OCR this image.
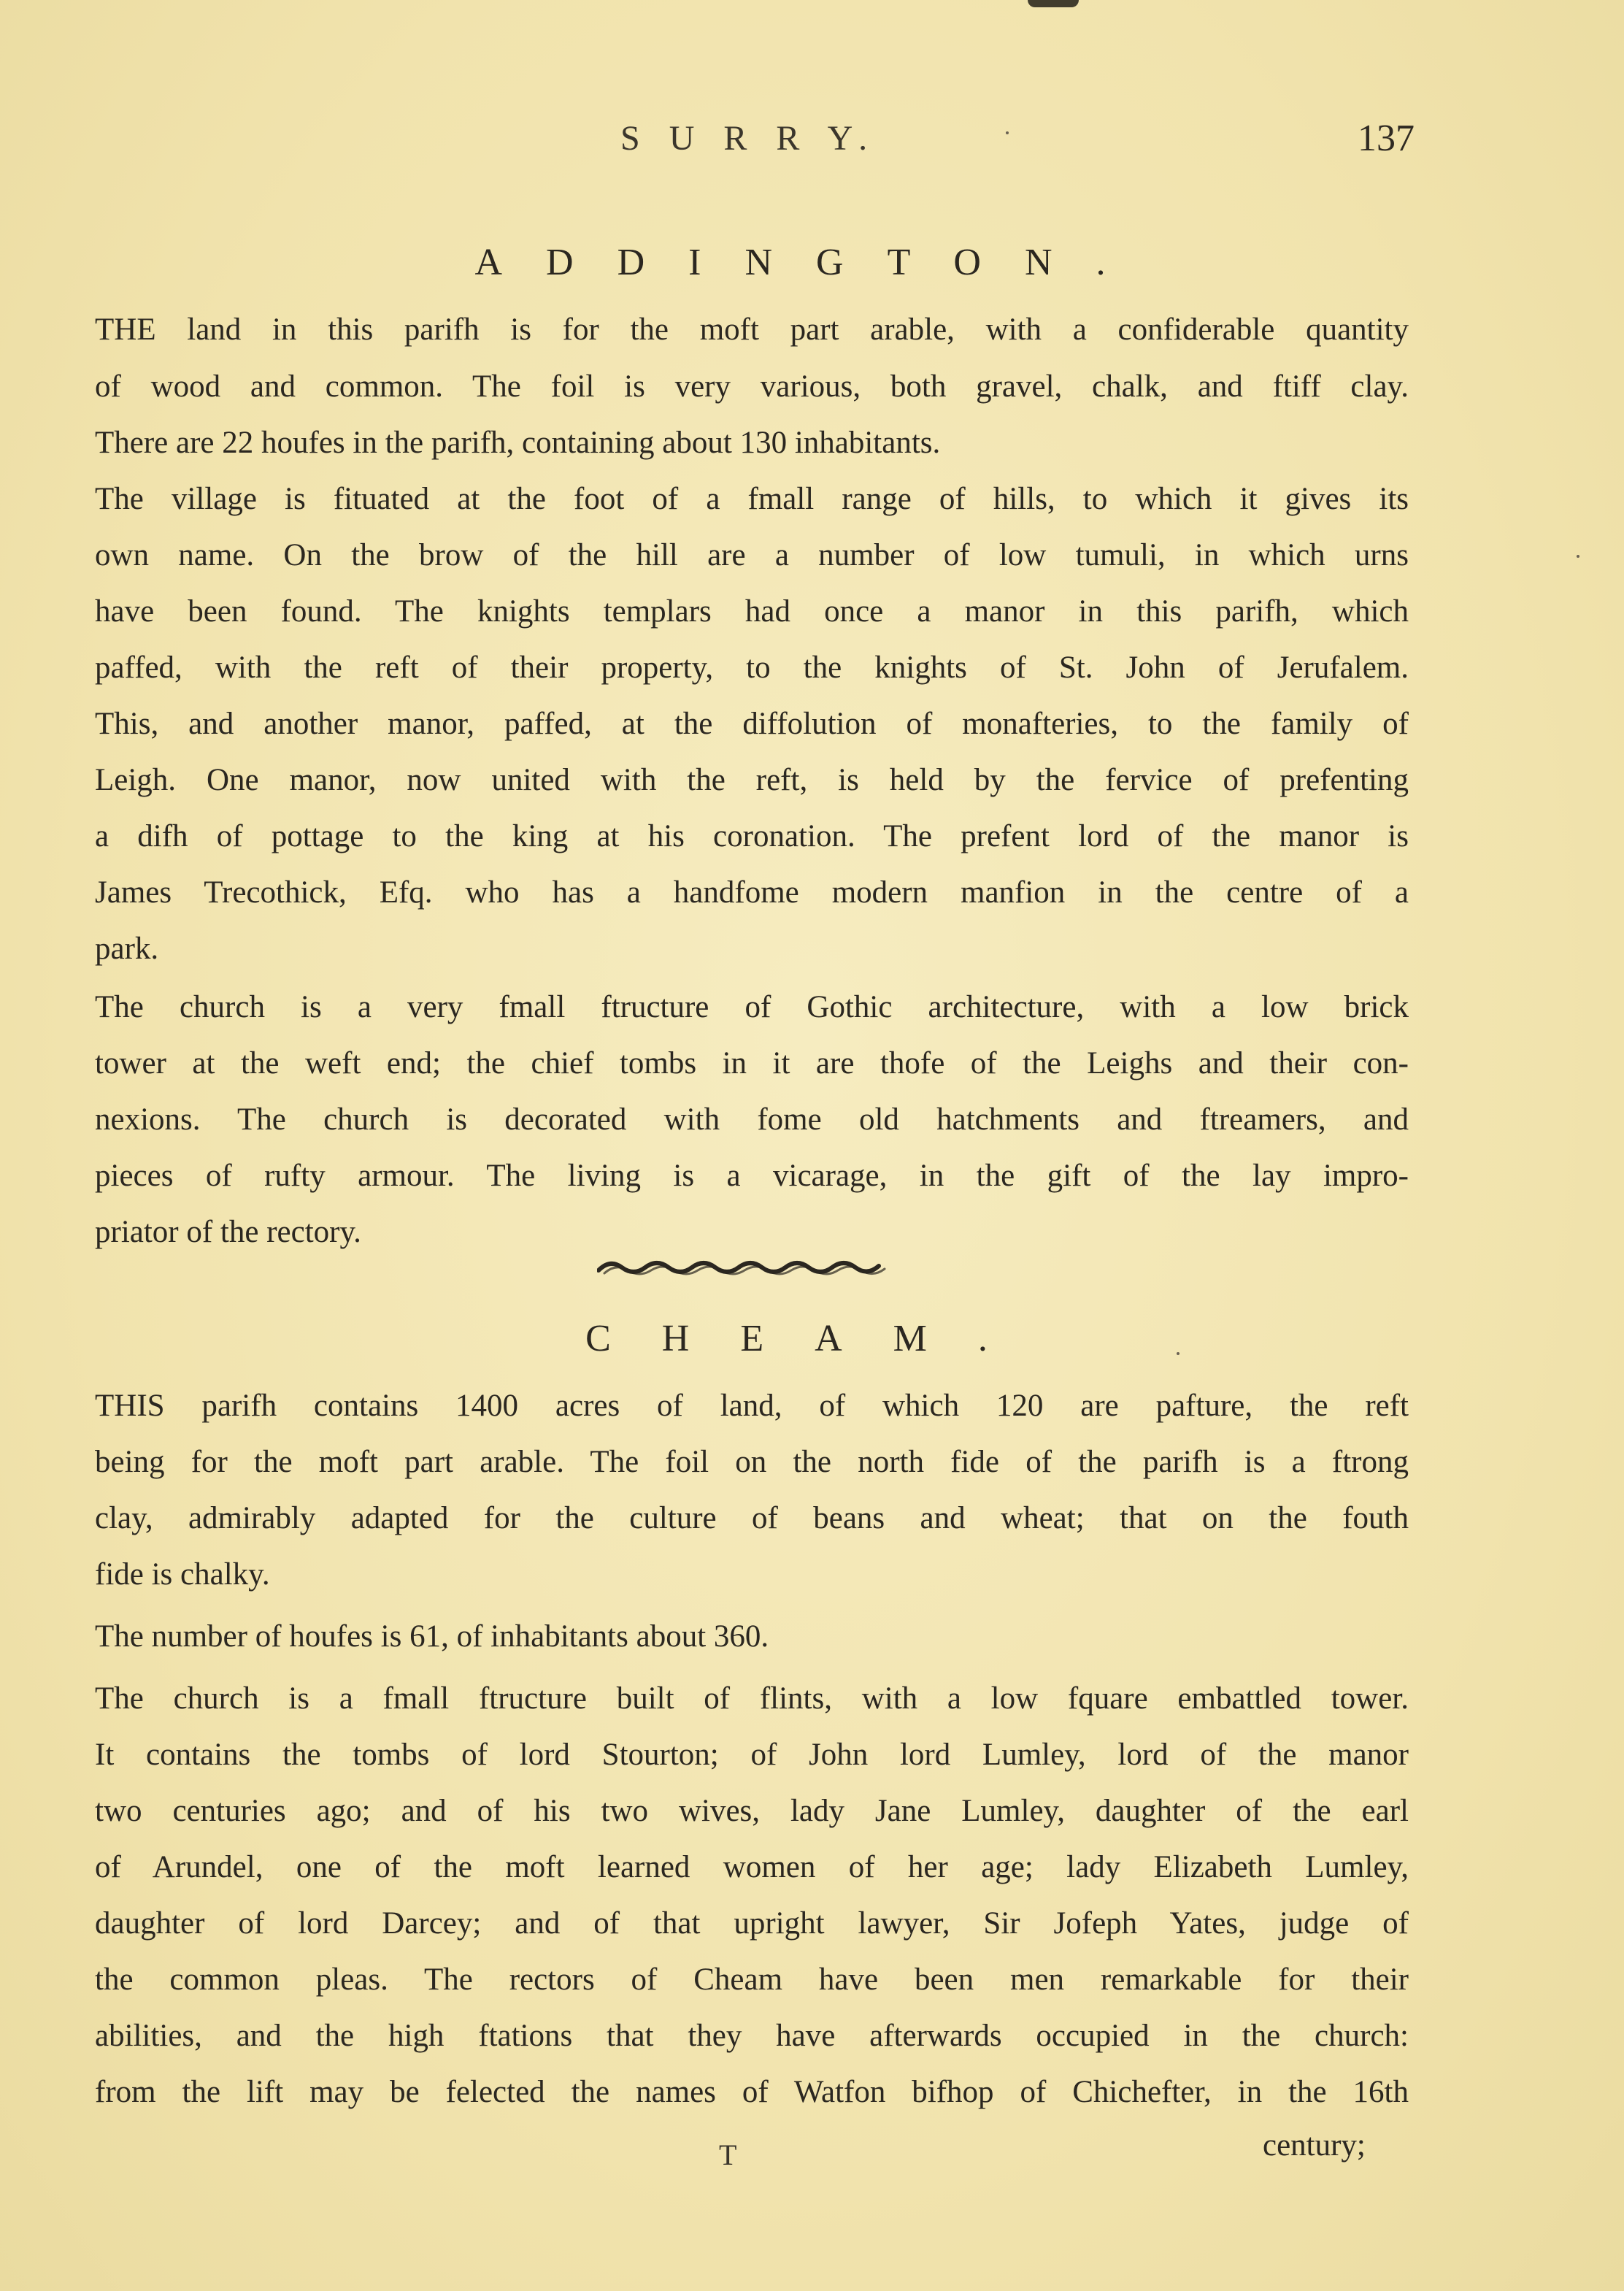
S U R R Y.	137
ADDINGTON.
THE land in this parifh is for the moft part arable, with a confiderable quantity
of wood and common. The foil is very various, both gravel, chalk, and ftiff clay.
There are 22 houfes in the parifh, containing about 130 inhabitants.
The village is fituated at the foot of a fmall range of hills, to which it gives its
own name. On the brow of the hill are a number of low tumuli, in which urns
have been found. The knights templars had once a manor in this parifh, which
paffed, with the reft of their property, to the knights of St. John of Jerufalem.
This, and another manor, paffed, at the diffolution of monafteries, to the family of
Leigh. One manor, now united with the reft, is held by the fervice of prefenting
a difh of pottage to the king at his coronation. The prefent lord of the manor is
James Trecothick, Efq. who has a handfome modern manfion in the centre of a
park.
The church is a very fmall ftructure of Gothic architecture, with a low brick
tower at the weft end; the chief tombs in it are thofe of the Leighs and their con-
nexions. The church is decorated with fome old hatchments and ftreamers, and
pieces of rufty armour. The living is a vicarage, in the gift of the lay impro-
priator of the rectory.
CHEAM.
THIS parifh contains 1400 acres of land, of which 120 are pafture, the reft
being for the moft part arable. The foil on the north fide of the parifh is a ftrong
clay, admirably adapted for the culture of beans and wheat; that on the fouth
fide is chalky.
The number of houfes is 61, of inhabitants about 360.
The church is a fmall ftructure built of flints, with a low fquare embattled tower.
It contains the tombs of lord Stourton; of John lord Lumley, lord of the manor
two centuries ago; and of his two wives, lady Jane Lumley, daughter of the earl
of Arundel, one of the moft learned women of her age; lady Elizabeth Lumley,
daughter of lord Darcey; and of that upright lawyer, Sir Jofeph Yates, judge of
the common pleas. The rectors of Cheam have been men remarkable for their
abilities, and the high ftations that they have afterwards occupied in the church:
from the lift may be felected the names of Watfon bifhop of Chichefter, in the 16th
T	century;
